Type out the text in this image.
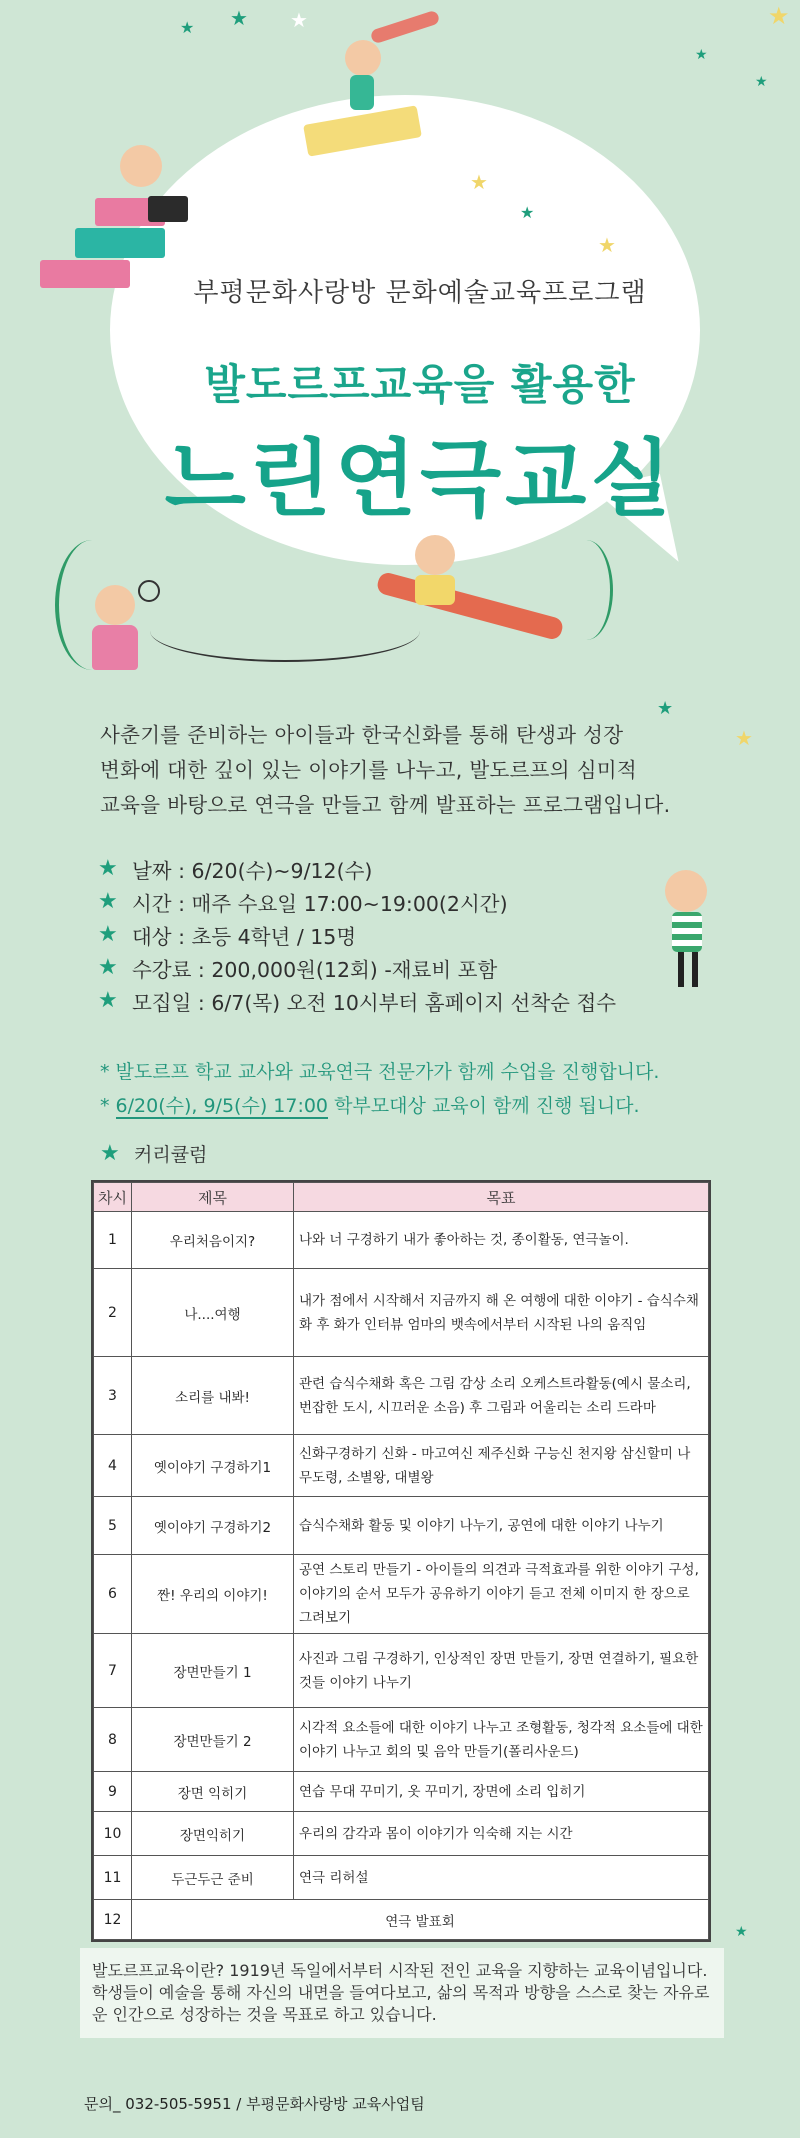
★ ★
★	★
★
★
★
★
★
★
★
★
부평문화사랑방 문화예술교육프로그램
발도르프교육을 활용한
느린연극교실
사춘기를 준비하는 아이들과 한국신화를 통해 탄생과 성장
변화에 대한 깊이 있는 이야기를 나누고, 발도르프의 심미적
교육을 바탕으로 연극을 만들고 함께 발표하는 프로그램입니다.
★ 날짜 : 6/20(수)~9/12(수)
★ 시간 : 매주 수요일 17:00~19:00(2시간)
★ 대상 : 초등 4학년 / 15명
★ 수강료 : 200,000원(12회) -재료비 포함
★ 모집일 : 6/7(목) 오전 10시부터 홈페이지 선착순 접수
* 발도르프 학교 교사와 교육연극 전문가가 함께 수업을 진행합니다.
* 6/20(수), 9/5(수) 17:00 학부모대상 교육이 함께 진행 됩니다.
★ 커리큘럼
차시	제목	목표
1	우리처음이지?	나와 너 구경하기 내가 좋아하는 것, 종이활동, 연극놀이.
2	나....여행	내가 점에서 시작해서 지금까지 해 온 여행에 대한 이야기 - 습식수채화 후 화가 인터뷰 엄마의 뱃속에서부터 시작된 나의 움직임
3	소리를 내봐!	관련 습식수채화 혹은 그림 감상 소리 오케스트라활동(예시 물소리, 번잡한 도시, 시끄러운 소음) 후 그림과 어울리는 소리 드라마
4	옛이야기 구경하기1	신화구경하기 신화 - 마고여신 제주신화 구능신 천지왕 삼신할미 나무도령, 소별왕, 대별왕
5	옛이야기 구경하기2	습식수채화 활동 및 이야기 나누기, 공연에 대한 이야기 나누기
6	짠! 우리의 이야기!	공연 스토리 만들기 - 아이들의 의견과 극적효과를 위한 이야기 구성, 이야기의 순서 모두가 공유하기 이야기 듣고 전체 이미지 한 장으로 그려보기
7	장면만들기 1	사진과 그림 구경하기, 인상적인 장면 만들기, 장면 연결하기, 필요한 것들 이야기 나누기
8	장면만들기 2	시각적 요소들에 대한 이야기 나누고 조형활동, 청각적 요소들에 대한 이야기 나누고 회의 및 음악 만들기(폴리사운드)
9	장면 익히기	연습 무대 꾸미기, 옷 꾸미기, 장면에 소리 입히기
10	장면익히기	우리의 감각과 몸이 이야기가 익숙해 지는 시간
11	두근두근 준비	연극 리허설
12	연극 발표회	
발도르프교육이란? 1919년 독일에서부터 시작된 전인 교육을 지향하는 교육이념입니다. 학생들이 예술을 통해 자신의 내면을 들여다보고, 삶의 목적과 방향을 스스로 찾는 자유로운 인간으로 성장하는 것을 목표로 하고 있습니다.
문의_ 032-505-5951 / 부평문화사랑방 교육사업팀
